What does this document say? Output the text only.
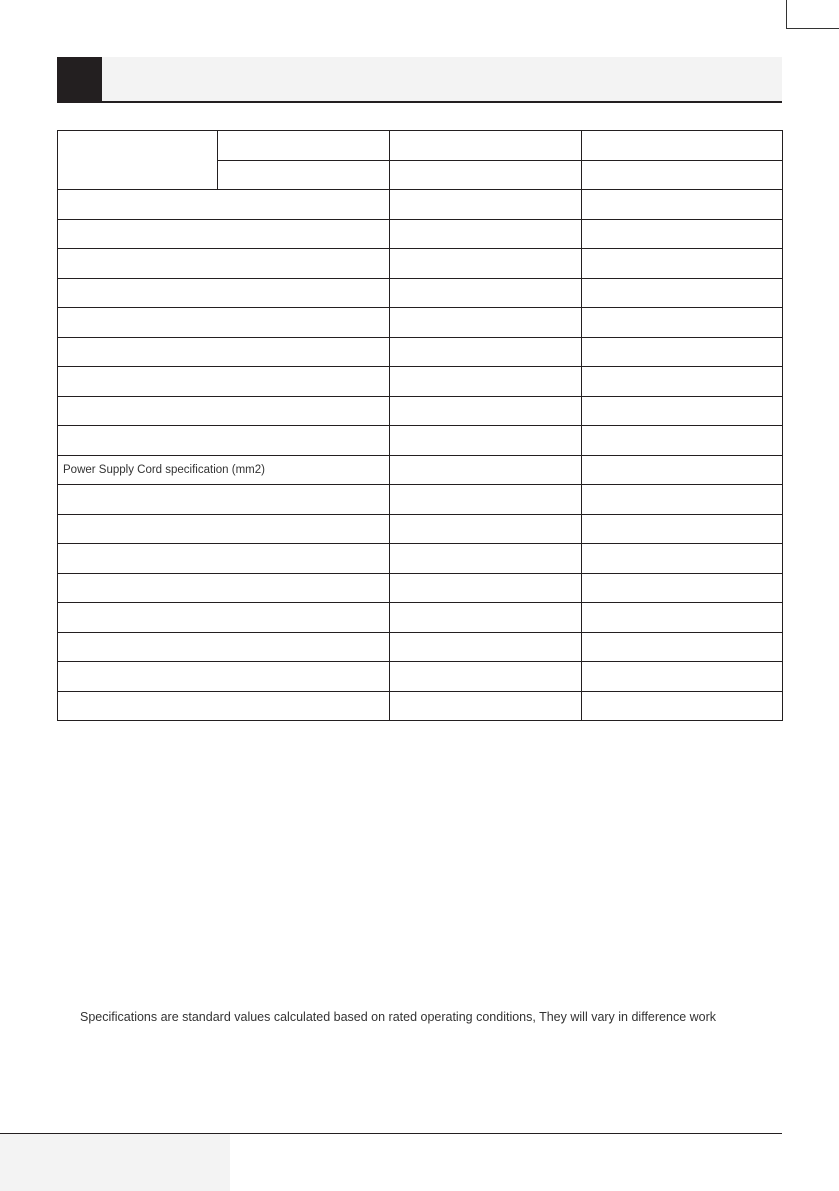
Power Supply Cord specification (mm2)			

Specifications are standard values calculated based on rated operating conditions, They will vary in difference work
